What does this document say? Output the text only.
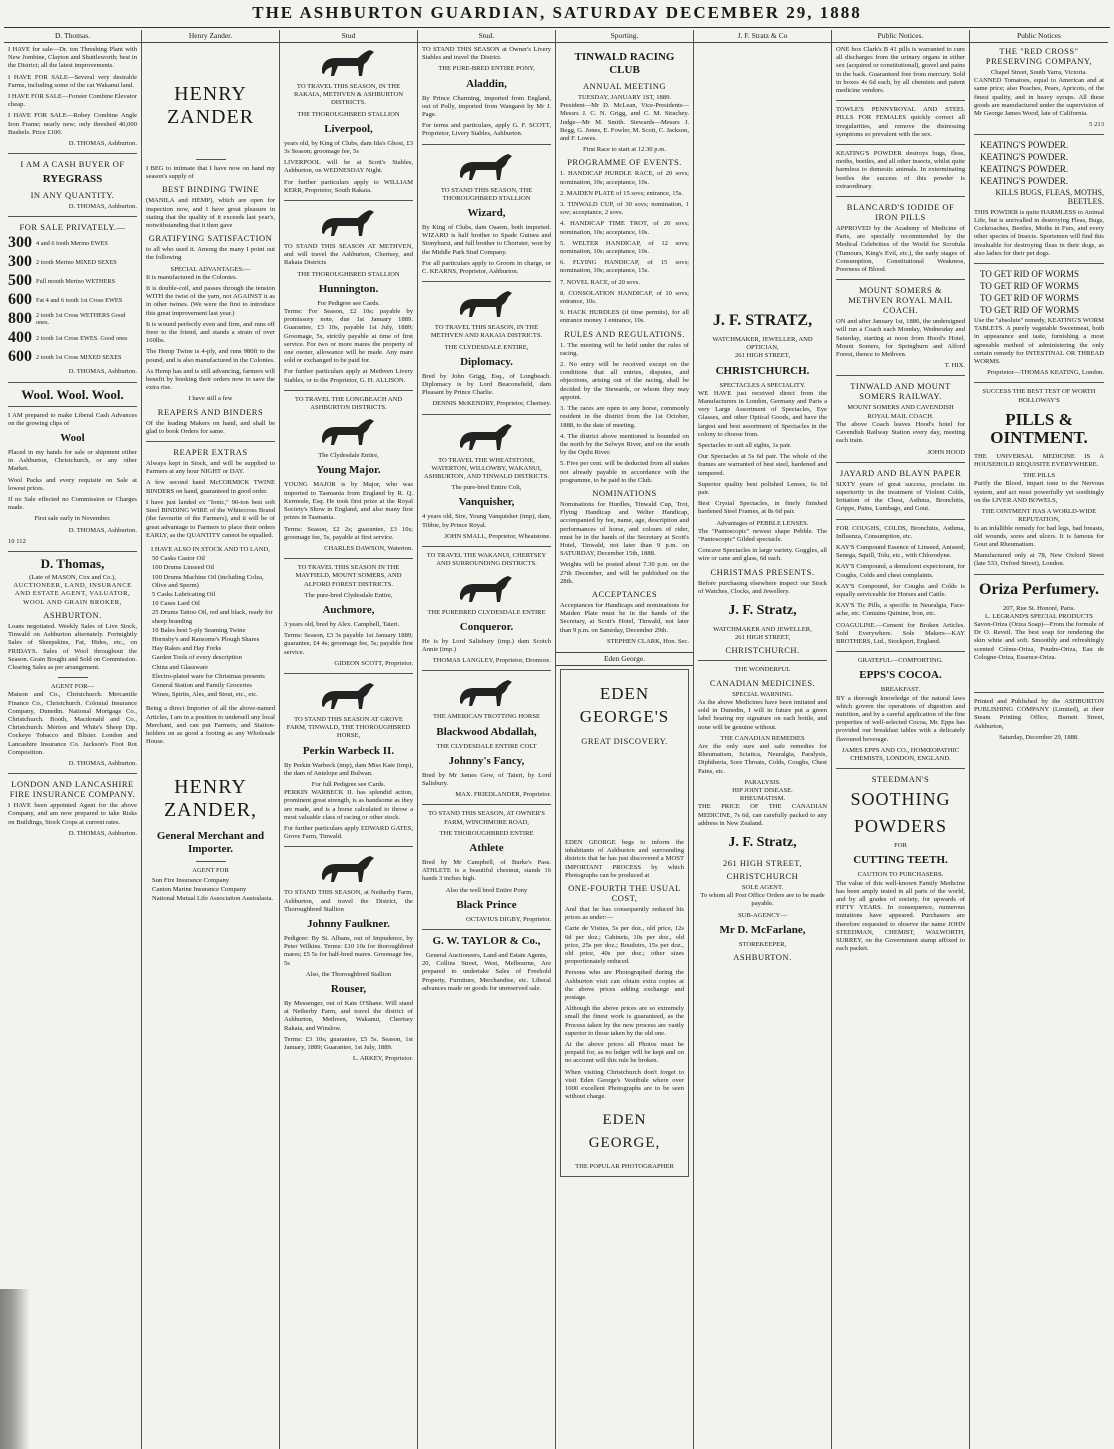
THE ASHBURTON GUARDIAN, SATURDAY DECEMBER 29, 1888
D. Thomas.

I HAVE for sale—Dr. ton Threshing Plant with New Jombine, Clayton and Shuttleworth; best in the District; all the latest improvements.

I HAVE FOR SALE—Several very desirable Farms, including some of the cat Wakanui land.

I HAVE FOR SALE—Forster Combine Elevator cheap.

I HAVE FOR SALE—Robey Combine Angle Iron Frame; nearly new; only threshed 40,000 Bushels. Price £100.

D. THOMAS, Ashburton.
I AM A CASH BUYER OF
RYEGRASS
IN ANY QUANTITY.
D. THOMAS, Ashburton.
FOR SALE PRIVATELY.—
300 4 and 6 tooth Merino EWES
300 2 tooth Merino MIXED SEXES
500 Full mouth Merino WETHERS
600 Fat 4 and 6 tooth 1st Cross EWES
800 2 tooth 1st Cross WETHERS Good ones.
400 2 tooth 1st Cross EWES. Good ones
600 2 tooth 1st Cross MIXED SEXES
D. THOMAS, Ashburton.
Wool. Wool. Wool.

I AM prepared to make Liberal Cash Advances on the growing clips of

Wool

Placed in my hands for sale or shipment either in Ashburton, Christchurch, or any other Market.

Wool Packs and every requisite on Sale at lowest prices.

If no Sale effected no Commission or Charges made.

First sale early in November.

D. THOMAS, Ashburton.
10 112
D. Thomas,
(Late of MASON, Cox and Co.),

AUCTIONEER, LAND, INSURANCE AND ESTATE AGENT, VALUATOR, WOOL AND GRAIN BROKER,

ASHBURTON.

Loans negotiated. Weekly Sales of Live Stock, Tinwald on Ashburton alternately. Fortnightly Sales of Sheepskins, Fat, Hides, etc., on FRIDAYS. Sales of Wool throughout the Season. Grain Bought and Sold on Commission. Clearing Sales as per arrangement.

AGENT FOR—

Matson and Co., Christchurch. Mercantile Finance Co., Christchurch. Colonial Insurance Company, Dunedin. National Mortgage Co., Christchurch. Booth, Macdonald and Co., Christchurch. Merton and White's Sheep Dip. Cockeye Tobacco and Blister. London and Lancashire Insurance Co. Jackson's Foot Rot Composition.

D. THOMAS, Ashburton.
LONDON AND LANCASHIRE FIRE INSURANCE COMPANY.

I HAVE been appointed Agent for the above Company, and am now prepared to take Risks on Buildings, Stock Crops at current rates.

D. THOMAS, Ashburton.
Henry Zander.
HENRY ZANDER

I BEG to intimate that I have now on hand my season's supply of

BEST BINDING TWINE

(MANILA and HEMP), which are open for inspection now, and I have great pleasure in stating that the quality of it exceeds last year's, notwithstanding that it then gave

GRATIFYING SATISFACTION

to all who used it. Among the many I point out the following

SPECIAL ADVANTAGES:—

It is manufactured in the Colonies.

It is double-coil, and passes through the tension WITH the twist of the yarn, not AGAINST it as in other twines. (We were the first to introduce this great improvement last year.)

It is wound perfectly even and firm, and runs off freer to the friend, and stands a strain of over 160lbs.

The Hemp Twine is 4-ply, and runs 980ft to the pound, and is also manufactured in the Colonies.

As Hemp has and is still advancing, farmers will benefit by booking their orders now to save the extra rise.

I have still a few
REAPERS AND BINDERS

Of the leading Makers on hand, and shall be glad to book Orders for same.

REAPER EXTRAS

Always kept in Stock, and will be supplied to Farmers at any hour NIGHT or DAY.

A few second hand McCORMICK TWINE BINDERS on hand, guaranteed in good order.

I have just landed ex "Ionic," 90-ton best soft Steel BINDING WIRE of the Whitecross Brand (the favourite of the Farmers), and it will be of great advantage to Farmers to place their orders EARLY, as the QUANTITY cannot be equalled.

I HAVE ALSO IN STOCK AND TO LAND,
50 Casks Castor Oil
100 Drums Linseed Oil
100 Drums Machine Oil (including Colza, Olive and Sperm)
5 Casks Lubricating Oil
10 Cases Lard Oil
25 Drums Tattoo Oil, red and black, ready for sheep branding
10 Bales best 5-ply Seaming Twine
Hornsby's and Ransome's Plough Shares
Hay Rakes and Hay Forks
Garden Tools of every description
China and Glassware
Electro-plated ware for Christmas presents
General Station and Family Groceries
Wines, Spirits, Ales, and Stout, etc., etc.

Being a direct Importer of all the above-named Articles, I am in a position to undersell any local Merchant, and can put Farmers, and Station-holders on as good a footing as any Wholesale House.

HENRY ZANDER,
General Merchant and Importer.
AGENT FOR
Sun Fire Insurance Company
Canton Marine Insurance Company
National Mutual Life Association Australasia.
Stud

TO TRAVEL THIS SEASON, IN THE RAKAIA, METHVEN & ASHBURTON DISTRICTS.

THE THOROUGHBRED STALLION
Liverpool,

years old, by King of Clubs, dam Ida's Ghost, £3 3s Season; groomage fee, 5s

LIVERPOOL will be at Scott's Stables, Ashburton, on WEDNESDAY Night.

For further particulars apply to WILLIAM KERR, Proprietor, South Rakaia.

TO STAND THIS SEASON AT METHVEN, and will travel the Ashburton, Chertsey, and Rakaia Districts

THE THOROUGHBRED STALLION
Hunnington.
For Pedigree see Cards.

Terms: For Season, £2 10s; payable by promissory note, due 1st January 1889. Guarantee, £3 10s, payable 1st July, 1889; Groomage, 5s, strictly payable at time of first service. For two or more mares the property of one owner, allowance will be made. Any mare sold or exchanged to be paid for.

For further particulars apply at Methven Livery Stables, or to the Proprietor, G. H. ALLISON.

TO TRAVEL THE LONGBEACH AND ASHBURTON DISTRICTS.

The Clydesdale Entire,
Young Major.

YOUNG MAJOR is by Major, who was imported to Tasmania from England by R. Q. Kermode, Esq. He took first prize at the Royal Society's Show in England, and also many first prizes in Tasmania.

Terms: Season, £2 2s; guarantee, £3 10s; groomage fee, 5s, payable at first service.

CHARLES DAWSON, Waterton.

TO TRAVEL THIS SEASON IN THE MAYFIELD, MOUNT SOMERS, AND ALFORD FOREST DISTRICTS.

The pure-bred Clydesdale Entire,
Auchmore,

3 years old, bred by Alex. Campbell, Taieri.

Terms: Season, £3 3s payable 1st January 1889; guarantee, £4 4s; groomage fee, 5s; payable first service.

GIDEON SCOTT, Proprietor.

TO STAND THIS SEASON AT GROVE FARM, TINWALD, THE THOROUGHBRED HORSE,

Perkin Warbeck II.

By Perkin Warbeck (imp), dam Miss Kate (imp), the dam of Antelope and Bulwan.

For full Pedigree see Cards.

PERKIN WARBECK II. has splendid action, prominent great strength, is as handsome as they are made, and is a horse calculated to throw a most valuable class of racing or other stock.

For further particulars apply EDWARD GATES, Grove Farm, Tinwald.

TO STAND THIS SEASON, at Netherby Farm, Ashburton, and travel the District, the Thoroughbred Stallion

Johnny Faulkner.

Pedigree: By St. Albans, out of Impudence, by Peter Wilkins. Terms: £10 10s for thoroughbred mares; £5 5s for half-bred mares. Groomage fee, 5s

Also, the Thoroughbred Stallion
Rouser,

By Messenger, out of Kate O'Shane. Will stand at Netherby Farm, and travel the district of Ashburton, Methven, Wakanui, Chertsey Rakaia, and Winslow.

Terms: £3 10s; guarantee, £5 5s. Season, 1st January, 1889; Guarantee, 1st July, 1889.

L. ARKEY, Proprietor.
Stud.

TO STAND THIS SEASON at Owner's Livery Stables and travel the District.

THE PURE-BRED ENTIRE PONY,
Aladdin,

By Prince Charming, imported from England, out of Polly, imported from Wangarei by Mr J. Page.

For terms and particulars, apply G. F. SCOTT, Proprietor, Livery Stables, Ashburton.

TO STAND THIS SEASON, THE THOROUGHBRED STALLION

Wizard,

By King of Clubs, dam Osaem, both imported. WIZARD is half brother to Spade Guinea and Stonyhurst, and full brother to Chorister, won by the Middle Park Stud Company.

For all particulars apply to Groom in charge, or C. KEARNS, Proprietor, Ashburton.

TO TRAVEL THIS SEASON, IN THE METHVEN AND RAKAIA DISTRICTS.

THE CLYDESDALE ENTIRE,
Diplomacy.

Bred by John Grigg, Esq., of Longbeach. Diplomacy is by Lord Beaconsfield, dam Pleasant by Prince Charlie.

DENNIS McKENDRY, Proprietor, Chertsey.

TO TRAVEL THE WHEATSTONE, WATERTON, WILLOWBY, WAKANUI, ASHBURTON, AND TINWALD DISTRICTS.

The pure-bred Entire Colt,
Vanquisher,

4 years old, Sire, Young Vanquisher (imp), dam, Tibbie, by Prince Royal.

JOHN SMALL, Proprietor, Wheatstone.

TO TRAVEL THE WAKANUI, CHERTSEY AND SURROUNDING DISTRICTS.

THE PUREBRED CLYDESDALE ENTIRE
Conqueror.

He is by Lord Salisbury (imp.) dam Scotch Annie (imp.)

THOMAS LANGLEY, Proprietor, Dromore.
THE AMERICAN TROTTING HORSE
Blackwood Abdallah,
THE CLYDESDALE ENTIRE COLT
Johnny's Fancy,

Bred by Mr James Gow, of Taieri, by Lord Salisbury.

MAX. FRIEDLANDER, Proprietor.

TO STAND THIS SEASON, AT OWNER'S FARM, WINCHMORE ROAD,

THE THOROUGHBRED ENTIRE
Athlete

Bred by Mr Campbell, of Burke's Pass. ATHLETE is a beautiful chestnut, stands 16 hands 3 inches high.

Also the well bred Entire Pony
Black Prince
OCTAVIUS DIGBY, Proprietor.
G. W. TAYLOR & Co.,
General Auctioneers, Land and Estate Agents,

20, Collins Street, West, Melbourne, Are prepared to undertake Sales of Freehold Property, Furniture, Merchandise, etc. Liberal advances made on goods for unreserved sale.

Sporting.
TINWALD RACING CLUB
ANNUAL MEETING
TUESDAY, JANUARY 1ST, 1889.

President—Mr D. McLean, Vice-Presidents—Messrs J. C. N. Grigg, and C. M. Strachey. Judge—Mr M. Smith. Stewards—Messrs J. Begg, G. Jones, E. Fowler, M. Scott, C. Jackson, and F. Lowes.

First Race to start at 12.30 p.m.
PROGRAMME OF EVENTS.

1. HANDICAP HURDLE RACE, of 20 sovs; nomination, 10s; acceptance, 10s.

2. MAIDEN PLATE of 15 sovs; entrance, 15s.

3. TINWALD CUP, of 30 sovs; nomination, 1 sov; acceptance, 2 sovs.

4. HANDICAP TIME TROT, of 20 sovs; nomination, 10s; acceptance, 10s.

5. WELTER HANDICAP, of 12 sovs; nomination, 10s; acceptance, 10s.

6. FLYING HANDICAP, of 15 sovs; nomination, 10s; acceptance, 15s.

7. NOVEL RACE, of 20 sovs.

8. CONSOLATION HANDICAP, of 10 sovs; entrance, 10s.

9. HACK HURDLES (if time permits), for all entrance money 1 entrance, 10s.

RULES AND REGULATIONS.

1. The meeting will be held under the rules of racing.

2. No entry will be received except on the conditions that all entries, disputes, and objections, arising out of the racing, shall be decided by the Stewards, or whom they may appoint.

3. The races are open to any horse, commonly resident in the district from the 1st October, 1888, to the date of meeting.

4. The district above mentioned is bounded on the north by the Selwyn River, and on the south by the Opihi River.

5. Five per cent. will be deducted from all stakes not already payable in accordance with the programme, to be paid to the Club.

NOMINATIONS

Nominations for Hurdles, Tinwald Cup, Trot, Flying Handicap and Welter Handicap, accompanied by fee, name, age, description and performances of horse, and colours of rider, must be in the hands of the Secretary at Scott's Hotel, Tinwald, not later than 9 p.m. on SATURDAY, December 15th, 1888.

Weights will be posted about 7.30 p.m. on the 27th December, and will be published on the 28th.

ACCEPTANCES

Acceptances for Handicaps and nominations for Maiden Plate must be in the hands of the Secretary, at Scott's Hotel, Tinwald, not later than 9 p.m. on Saturday, December 29th.

STEPHEN CLARK, Hon. Sec.
Eden George.
EDEN GEORGE'S
GREAT DISCOVERY.

EDEN GEORGE begs to inform the inhabitants of Ashburton and surrounding districts that he has just discovered a MOST IMPORTANT PROCESS by which Photographs can be produced at

ONE-FOURTH THE USUAL COST,

And that he has consequently reduced his prices as under:—

Carte de Visites, 5s per doz., old price, 12s 6d per doz.; Cabinets, 10s per doz., old price, 25s per doz.; Boudoirs, 15s per doz., old price, 40s per doz.; other sizes proportionately reduced.

Persons who are Photographed during the Ashburton visit can obtain extra copies at the above prices adding exchange and postage.

Although the above prices are so extremely small the finest work is guaranteed, as the Process taken by the new process are vastly superior to those taken by the old one.

At the above prices all Photos must be prepaid for, as no ledger will be kept and on no account will this rule be broken.

When visiting Christchurch don't forget to visit Eden George's Vestibule where over 1000 excellent Photographs are to be seen without charge.

EDEN GEORGE,
THE POPULAR PHOTOGRAPHER
J. F. Stratz & Co
J. F. STRATZ,
WATCHMAKER, JEWELLER, AND OPTICIAN,
261 HIGH STREET,
CHRISTCHURCH.
SPECTACLES A SPECIALITY.

WE HAVE just received direct from the Manufacturers in London, Germany and Paris a very Large Assortment of Spectacles, Eye Glasses, and other Optical Goods, and have the largest and best assortment of Spectacles in the colony to choose from.

Spectacles to suit all sights, 1s pair.

Our Spectacles at 5s 6d pair. The whole of the frames are warranted of best steel, hardened and tempered.

Superior quality best polished Lenses, 6s 6d pair.

Best Crystal Spectacles, in finely finished hardened Steel Frames, at 8s 6d pair.

Advantages of PEBBLE LENSES.

The "Pantoscopic" newest shape Pebble. The "Pantoscopic" Gilded spectacle.

Concave Spectacles in large variety. Goggles, all wire or cane and glass, 6d each.

CHRISTMAS PRESENTS.

Before purchasing elsewhere inspect our Stock of Watches, Clocks, and Jewellery.

J. F. Stratz,
WATCHMAKER AND JEWELLER,
261 HIGH STREET,
CHRISTCHURCH.
THE WONDERFUL
CANADIAN MEDICINES.
SPECIAL WARNING.

As the above Medicines have been imitated and sold in Dunedin, I will in future put a green label bearing my signature on each bottle, and none will be genuine without.

THE CANADIAN REMEDIES

Are the only sure and safe remedies for Rheumatism, Sciatica, Neuralgia, Paralysis, Diphtheria, Sore Throats, Colds, Coughs, Chest Pains, etc.

PARALYSIS.
HIP JOINT DISEASE.
RHEUMATISM.

THE PRICE OF THE CANADIAN MEDICINE, 7s 6d, can carefully packed to any address in New Zealand.

J. F. Stratz,
261 HIGH STREET,
CHRISTCHURCH
SOLE AGENT.

To whom all Post Office Orders are to be made payable.

SUB-AGENCY—
Mr D. McFarlane,
STOREKEEPER,
ASHBURTON.
Public Notices.

ONE box Clark's B 41 pills is warranted to cure all discharges from the urinary organs in either sex (acquired or constitutional), gravel and pains in the back. Guaranteed free from mercury. Sold in boxes 4s 6d each, by all chemists and patent medicine vendors.

TOWLE'S PENNYROYAL AND STEEL PILLS FOR FEMALES quickly correct all irregularities, and remove the distressing symptoms so prevalent with the sex.

KEATING'S POWDER destroys bugs, fleas, moths, beetles, and all other insects, whilst quite harmless to domestic animals. In exterminating beetles the success of this powder is extraordinary.

BLANCARD'S IODIDE OF IRON PILLS

APPROVED by the Academy of Medicine of Paris, are specially recommended by the Medical Celebrities of the World for Scrofula (Tumours, King's Evil, etc.), the early stages of Consumption, Constitutional Weakness, Poorness of Blood.

MOUNT SOMERS & METHVEN ROYAL MAIL COACH.

ON and after January 1st, 1886, the undersigned will run a Coach each Monday, Wednesday and Saturday, starting at noon from Hood's Hotel, Mount Somers, for Springburn and Alford Forest, thence to Methven.

T. HIX.
TINWALD AND MOUNT SOMERS RAILWAY.
MOUNT SOMERS AND CAVENDISH ROYAL MAIL COACH.

The above Coach leaves Hood's hotel for Cavendish Railway Station every day, meeting each train.

JOHN HOOD
JAYARD AND BLAYN PAPER

SIXTY years of great success, proclaim its superiority in the treatment of Violent Colds, Irritation of the Chest, Asthma, Bronchitis, Grippe, Pains, Lumbago, and Gout.

FOR COUGHS, COLDS, Bronchitis, Asthma, Influenza, Consumption, etc.

KAY'S Compound Essence of Linseed, Aniseed, Senega, Squill, Tolu, etc., with Chlorodyne.

KAY'S Compound, a demulcent expectorant, for Coughs, Colds and chest complaints.

KAY'S Compound, for Coughs and Colds is equally serviceable for Horses and Cattle.

KAY'S Tic Pills, a specific in Neuralgia, Face-ache, etc. Contains Quinine, Iron, etc.

COAGULINE.—Cement for Broken Articles. Sold Everywhere. Sole Makers—KAY BROTHERS, Ltd., Stockport, England.

GRATEFUL—COMFORTING.
EPPS'S COCOA.
BREAKFAST.

BY a thorough knowledge of the natural laws which govern the operations of digestion and nutrition, and by a careful application of the fine properties of well-selected Cocoa, Mr. Epps has provided our breakfast tables with a delicately flavoured beverage.

JAMES EPPS AND CO., HOMŒOPATHIC CHEMISTS, LONDON, ENGLAND.

STEEDMAN'S
SOOTHING
POWDERS
FOR
CUTTING TEETH.
CAUTION TO PURCHASERS.

The value of this well-known Family Medicine has been amply tested in all parts of the world, and by all grades of society, for upwards of FIFTY YEARS. In consequence, numerous imitations have appeared. Purchasers are therefore requested to observe the name JOHN STEEDMAN, CHEMIST, WALWORTH, SURREY, on the Government stamp affixed to each packet.

Public Notices
THE "RED CROSS" PRESERVING COMPANY,
Chapel Street, South Yarra, Victoria.

CANNED Tomatoes, equal to American and at same price; also Peaches, Pears, Apricots, of the finest quality, and in heavy syrups. All these goods are manufactured under the supervision of Mr George James Wood, late of California.

5 213
KEATING'S POWDER.
KEATING'S POWDER.
KEATING'S POWDER.
KEATING'S POWDER.
KILLS BUGS, FLEAS, MOTHS, BEETLES.

THIS POWDER is quite HARMLESS to Animal Life, but is unrivalled in destroying Fleas, Bugs, Cockroaches, Beetles, Moths in Furs, and every other species of Insects. Sportsmen will find this invaluable for destroying fleas in their dogs, as also ladies for their pet dogs.

TO GET RID OF WORMS
TO GET RID OF WORMS
TO GET RID OF WORMS
TO GET RID OF WORMS

Use the "absolute" remedy, KEATING'S WORM TABLETS. A purely vegetable Sweetmeat, both in appearance and taste, furnishing a most agreeable method of administering the only certain remedy for INTESTINAL OR THREAD WORMS.

Proprietor—THOMAS KEATING, London.
SUCCESS THE BEST TEST OF WORTH
HOLLOWAY'S
PILLS & OINTMENT.

THE UNIVERSAL MEDICINE IS A HOUSEHOLD REQUISITE EVERYWHERE.

THE PILLS

Purify the Blood, impart tone to the Nervous system, and act most powerfully yet soothingly on the LIVER AND BOWELS,

THE OINTMENT HAS A WORLD-WIDE REPUTATION,

Is an infallible remedy for bad legs, bad breasts, old wounds, sores and ulcers. It is famous for Gout and Rheumatism.

Manufactured only at 78, New Oxford Street (late 533, Oxford Street), London.

Oriza Perfumery.
207, Rue St. Honoré, Paris.
L. LEGRAND'S SPECIAL PRODUCTS

Savon-Oriza (Oriza Soap)—From the formule of Dr O. Reveil. The best soap for rendering the skin white and soft. Smoothly and refreshingly scented Crème-Oriza, Poudre-Oriza, Eau de Cologne-Oriza, Essence-Oriza.

Printed and Published by the ASHBURTON PUBLISHING COMPANY (Limited), at their Steam Printing Office, Burnett Street, Ashburton,

Saturday, December 29, 1888.
